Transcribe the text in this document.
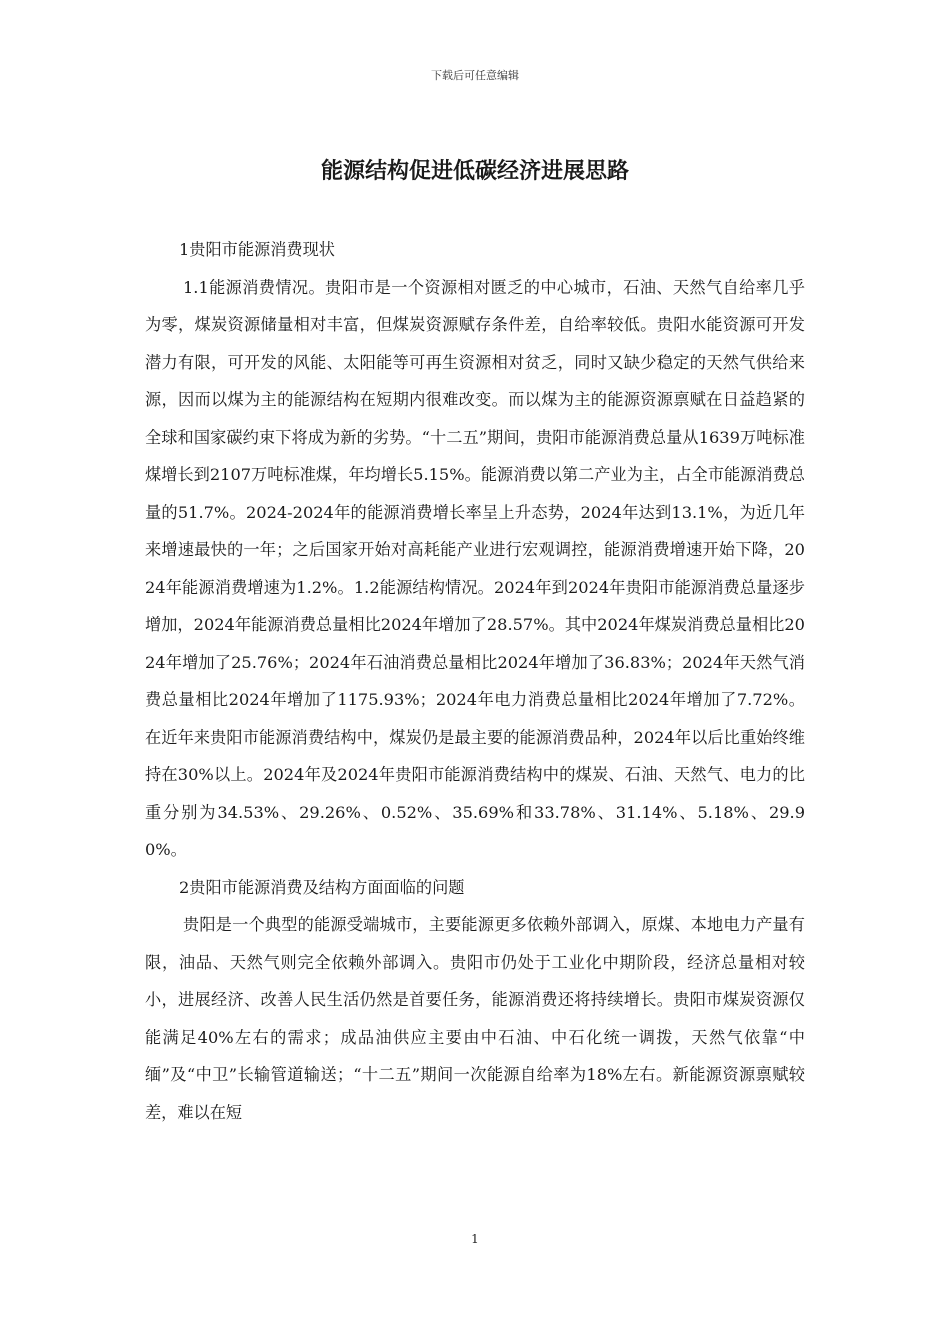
下载后可任意编辑
能源结构促进低碳经济进展思路

1贵阳市能源消费现状

1.1能源消费情况。贵阳市是一个资源相对匮乏的中心城市，石油、天然气自给率几乎为零，煤炭资源储量相对丰富，但煤炭资源赋存条件差，自给率较低。贵阳水能资源可开发潜力有限，可开发的风能、太阳能等可再生资源相对贫乏，同时又缺少稳定的天然气供给来源，因而以煤为主的能源结构在短期内很难改变。而以煤为主的能源资源禀赋在日益趋紧的全球和国家碳约束下将成为新的劣势。“十二五”期间，贵阳市能源消费总量从1639万吨标准煤增长到2107万吨标准煤，年均增长5.15%。能源消费以第二产业为主，占全市能源消费总量的51.7%。2024-2024年的能源消费增长率呈上升态势，2024年达到13.1%，为近几年来增速最快的一年；之后国家开始对高耗能产业进行宏观调控，能源消费增速开始下降，2024年能源消费增速为1.2%。1.2能源结构情况。2024年到2024年贵阳市能源消费总量逐步增加，2024年能源消费总量相比2024年增加了28.57%。其中2024年煤炭消费总量相比2024年增加了25.76%；2024年石油消费总量相比2024年增加了36.83%；2024年天然气消费总量相比2024年增加了1175.93%；2024年电力消费总量相比2024年增加了7.72%。在近年来贵阳市能源消费结构中，煤炭仍是最主要的能源消费品种，2024年以后比重始终维持在30%以上。2024年及2024年贵阳市能源消费结构中的煤炭、石油、天然气、电力的比重分别为34.53%、29.26%、0.52%、35.69%和33.78%、31.14%、5.18%、29.90%。

2贵阳市能源消费及结构方面面临的问题

贵阳是一个典型的能源受端城市，主要能源更多依赖外部调入，原煤、本地电力产量有限，油品、天然气则完全依赖外部调入。贵阳市仍处于工业化中期阶段，经济总量相对较小，进展经济、改善人民生活仍然是首要任务，能源消费还将持续增长。贵阳市煤炭资源仅能满足40%左右的需求；成品油供应主要由中石油、中石化统一调拨，天然气依靠“中缅”及“中卫”长输管道输送；“十二五”期间一次能源自给率为18%左右。新能源资源禀赋较差，难以在短

1
